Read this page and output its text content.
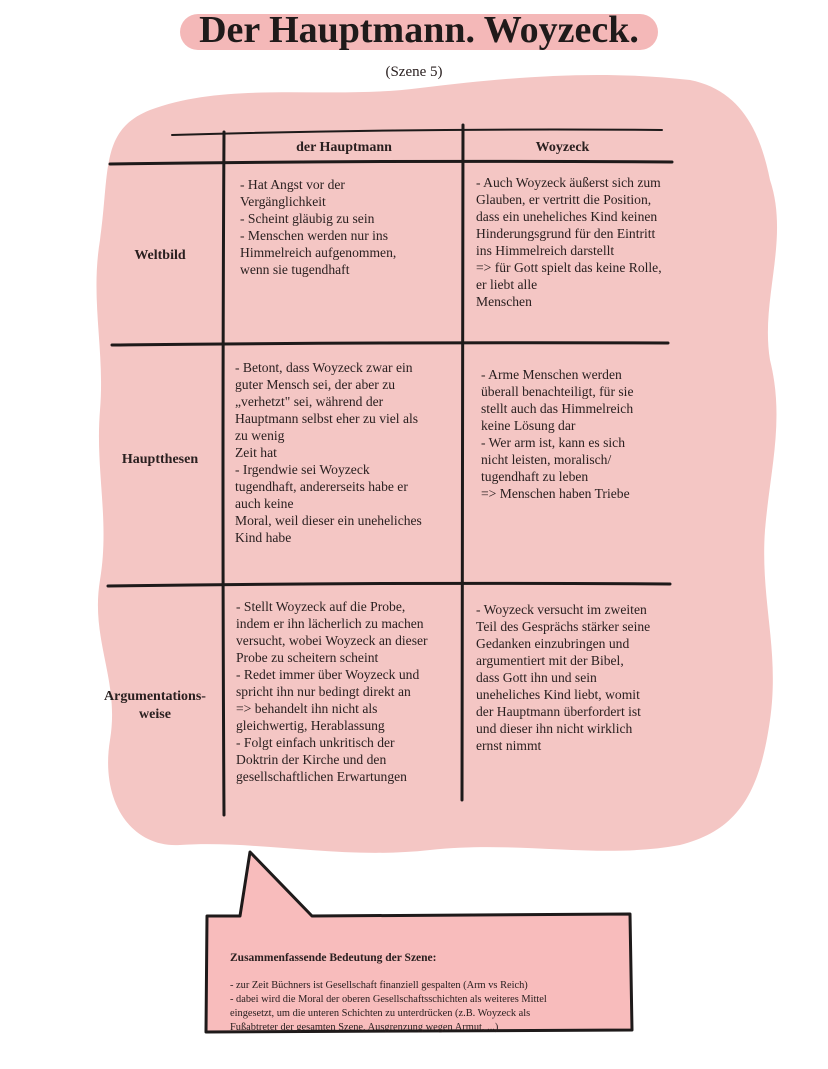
Der Hauptmann. Woyzeck.
(Szene 5)
der Hauptmann	Woyzeck
Weltbild
- Hat Angst vor der
Vergänglichkeit
- Scheint gläubig zu sein
- Menschen werden nur ins
Himmelreich aufgenommen,
wenn sie tugendhaft
- Auch Woyzeck äußerst sich zum
Glauben, er vertritt die Position,
dass ein uneheliches Kind keinen
Hinderungsgrund für den Eintritt
ins Himmelreich darstellt
=> für Gott spielt das keine Rolle,
er liebt alle
Menschen
Hauptthesen
- Betont, dass Woyzeck zwar ein
guter Mensch sei, der aber zu
„verhetzt" sei, während der
Hauptmann selbst eher zu viel als
zu wenig
Zeit hat
- Irgendwie sei Woyzeck
tugendhaft, andererseits habe er
auch keine
Moral, weil dieser ein uneheliches
Kind habe
- Arme Menschen werden
überall benachteiligt, für sie
stellt auch das Himmelreich
keine Lösung dar
- Wer arm ist, kann es sich
nicht leisten, moralisch/
tugendhaft zu leben
=> Menschen haben Triebe
Argumentations-
weise
- Stellt Woyzeck auf die Probe,
indem er ihn lächerlich zu machen
versucht, wobei Woyzeck an dieser
Probe zu scheitern scheint
- Redet immer über Woyzeck und
spricht ihn nur bedingt direkt an
=> behandelt ihn nicht als
gleichwertig, Herablassung
- Folgt einfach unkritisch der
Doktrin der Kirche und den
gesellschaftlichen Erwartungen
- Woyzeck versucht im zweiten
Teil des Gesprächs stärker seine
Gedanken einzubringen und
argumentiert mit der Bibel,
dass Gott ihn und sein
uneheliches Kind liebt, womit
der Hauptmann überfordert ist
und dieser ihn nicht wirklich
ernst nimmt

Zusammenfassende Bedeutung der Szene:

- zur Zeit Büchners ist Gesellschaft finanziell gespalten (Arm vs Reich)
- dabei wird die Moral der oberen Gesellschaftsschichten als weiteres Mittel
eingesetzt, um die unteren Schichten zu unterdrücken (z.B. Woyzeck als
Fußabtreter der gesamten Szene, Ausgrenzung wegen Armut, ...)
